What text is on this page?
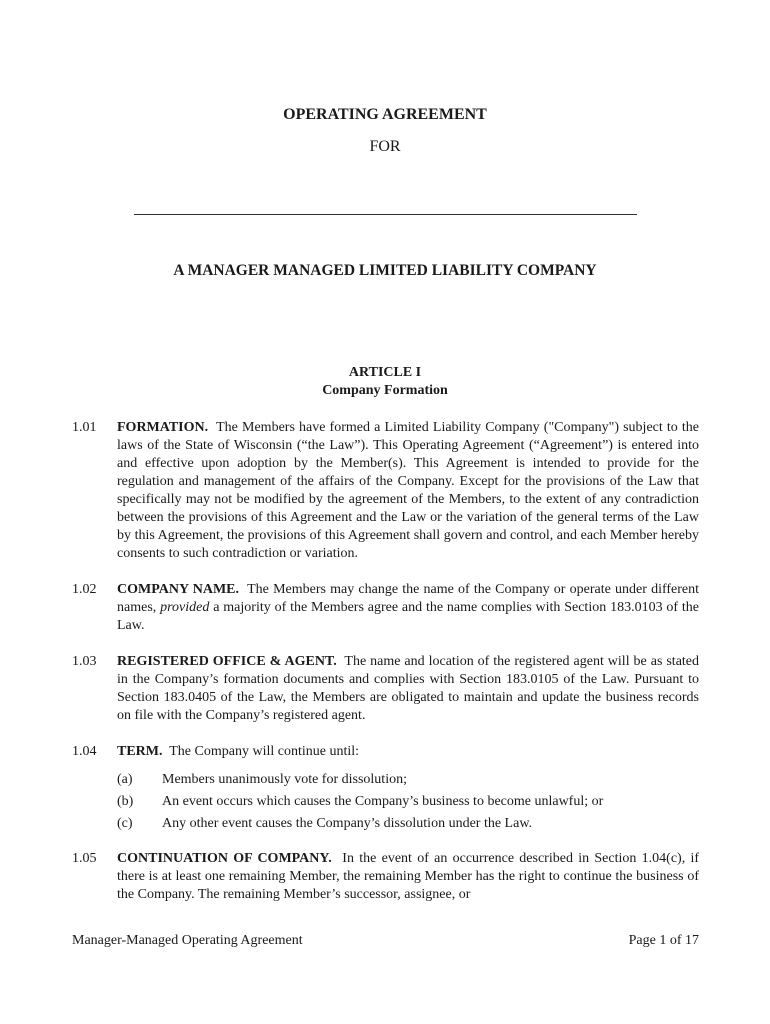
OPERATING AGREEMENT
FOR
A MANAGER MANAGED LIMITED LIABILITY COMPANY
ARTICLE I
Company Formation
1.01	FORMATION. The Members have formed a Limited Liability Company ("Company") subject to the laws of the State of Wisconsin (“the Law”). This Operating Agreement (“Agreement”) is entered into and effective upon adoption by the Member(s). This Agreement is intended to provide for the regulation and management of the affairs of the Company. Except for the provisions of the Law that specifically may not be modified by the agreement of the Members, to the extent of any contradiction between the provisions of this Agreement and the Law or the variation of the general terms of the Law by this Agreement, the provisions of this Agreement shall govern and control, and each Member hereby consents to such contradiction or variation.
1.02	COMPANY NAME. The Members may change the name of the Company or operate under different names, provided a majority of the Members agree and the name complies with Section 183.0103 of the Law.
1.03	REGISTERED OFFICE & AGENT. The name and location of the registered agent will be as stated in the Company’s formation documents and complies with Section 183.0105 of the Law. Pursuant to Section 183.0405 of the Law, the Members are obligated to maintain and update the business records on file with the Company’s registered agent.
1.04	TERM. The Company will continue until:
(a)	Members unanimously vote for dissolution;
(b)	An event occurs which causes the Company’s business to become unlawful; or
(c)	Any other event causes the Company’s dissolution under the Law.
1.05	CONTINUATION OF COMPANY. In the event of an occurrence described in Section 1.04(c), if there is at least one remaining Member, the remaining Member has the right to continue the business of the Company. The remaining Member’s successor, assignee, or
Manager-Managed Operating Agreement	Page 1 of 17
